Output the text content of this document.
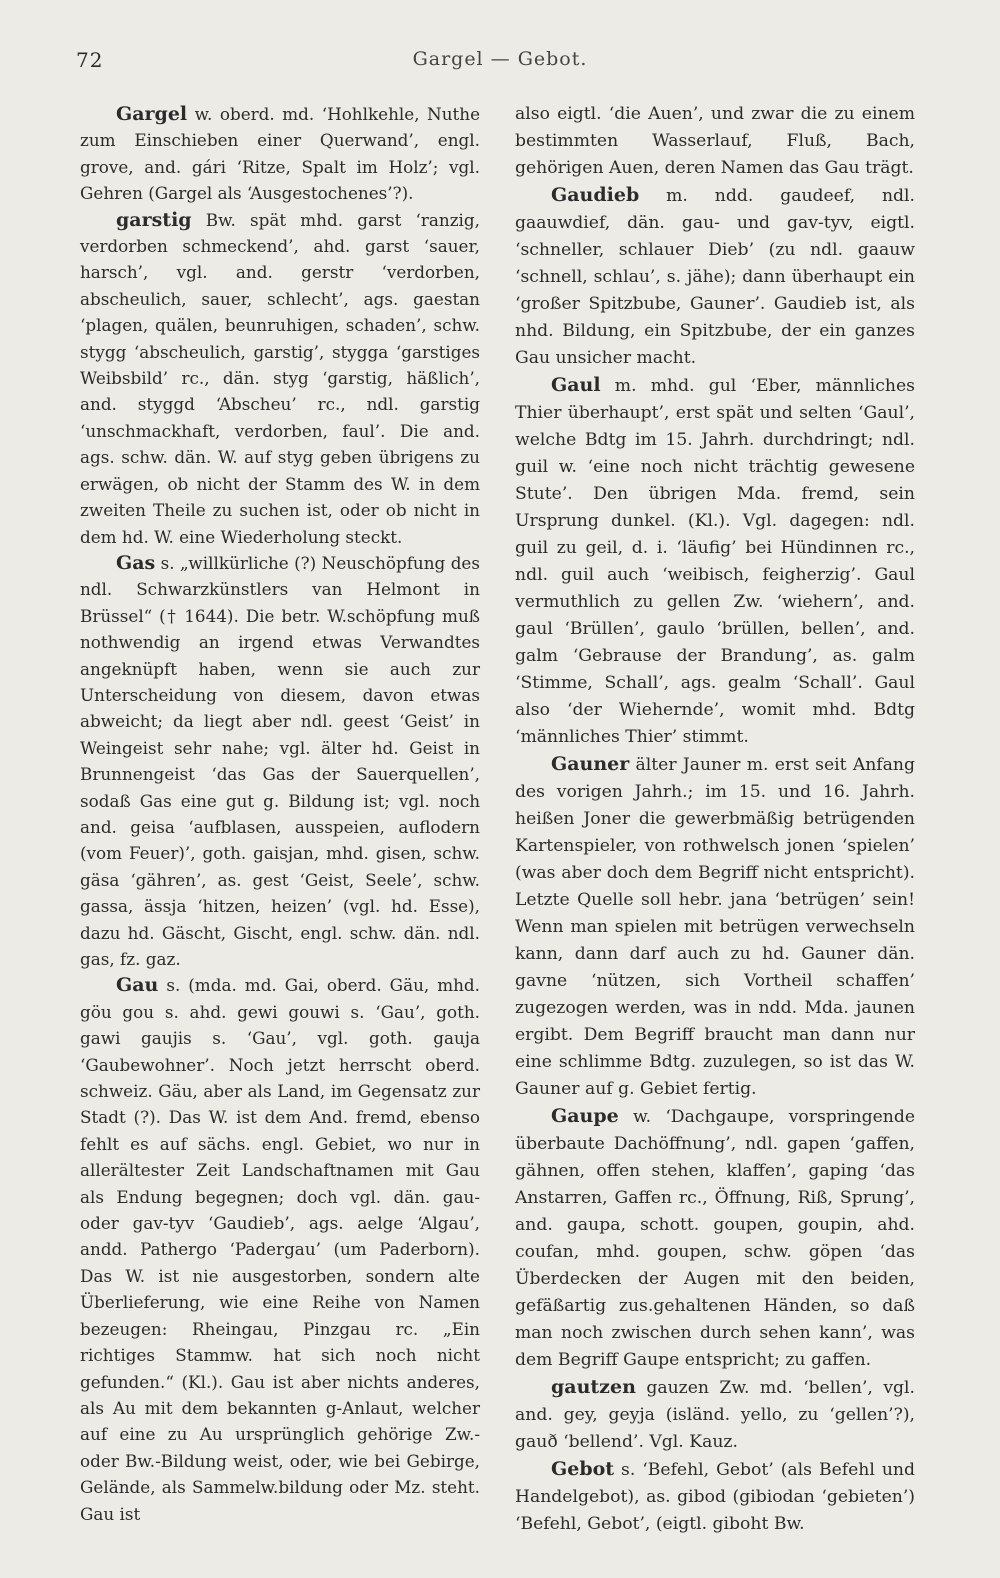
72	Gargel — Gebot.

Gargel w. oberd. md. ‘Hohlkehle, Nuthe zum Einschieben einer Querwand’, engl. grove, and. gári ‘Ritze, Spalt im Holz’; vgl. Gehren (Gargel als ‘Ausgestochenes’?).

garstig Bw. spät mhd. garst ‘ranzig, verdorben schmeckend’, ahd. garst ‘sauer, harsch’, vgl. and. gerstr ‘verdorben, abscheulich, sauer, schlecht’, ags. gaestan ‘plagen, quälen, beunruhigen, schaden’, schw. stygg ‘abscheulich, garstig’, stygga ‘garstiges Weibsbild’ rc., dän. styg ‘garstig, häßlich’, and. styggd ‘Abscheu’ rc., ndl. garstig ‘unschmackhaft, verdorben, faul’. Die and. ags. schw. dän. W. auf styg geben übrigens zu erwägen, ob nicht der Stamm des W. in dem zweiten Theile zu suchen ist, oder ob nicht in dem hd. W. eine Wiederholung steckt.

Gas s. „willkürliche (?) Neuschöpfung des ndl. Schwarzkünstlers van Helmont in Brüssel“ († 1644). Die betr. W.schöpfung muß nothwendig an irgend etwas Verwandtes angeknüpft haben, wenn sie auch zur Unterscheidung von diesem, davon etwas abweicht; da liegt aber ndl. geest ‘Geist’ in Weingeist sehr nahe; vgl. älter hd. Geist in Brunnengeist ‘das Gas der Sauerquellen’, sodaß Gas eine gut g. Bildung ist; vgl. noch and. geisa ‘aufblasen, ausspeien, auflodern (vom Feuer)’, goth. gaisjan, mhd. gisen, schw. gäsa ‘gähren’, as. gest ‘Geist, Seele’, schw. gassa, ässja ‘hitzen, heizen’ (vgl. hd. Esse), dazu hd. Gäscht, Gischt, engl. schw. dän. ndl. gas, fz. gaz.

Gau s. (mda. md. Gai, oberd. Gäu, mhd. göu gou s. ahd. gewi gouwi s. ‘Gau’, goth. gawi gaujis s. ‘Gau’, vgl. goth. gauja ‘Gaubewohner’. Noch jetzt herrscht oberd. schweiz. Gäu, aber als Land, im Gegensatz zur Stadt (?). Das W. ist dem And. fremd, ebenso fehlt es auf sächs. engl. Gebiet, wo nur in allerältester Zeit Landschaftnamen mit Gau als Endung begegnen; doch vgl. dän. gau- oder gav-tyv ‘Gaudieb’, ags. aelge ‘Algau’, andd. Pathergo ‘Padergau’ (um Paderborn). Das W. ist nie ausgestorben, sondern alte Überlieferung, wie eine Reihe von Namen bezeugen: Rheingau, Pinzgau rc. „Ein richtiges Stammw. hat sich noch nicht gefunden.“ (Kl.). Gau ist aber nichts anderes, als Au mit dem bekannten g-Anlaut, welcher auf eine zu Au ursprünglich gehörige Zw.- oder Bw.-Bildung weist, oder, wie bei Gebirge, Gelände, als Sammelw.bildung oder Mz. steht. Gau ist

also eigtl. ‘die Auen’, und zwar die zu einem bestimmten Wasserlauf, Fluß, Bach, gehörigen Auen, deren Namen das Gau trägt.

Gaudieb m. ndd. gaudeef, ndl. gaauwdief, dän. gau- und gav-tyv, eigtl. ‘schneller, schlauer Dieb’ (zu ndl. gaauw ‘schnell, schlau’, s. jähe); dann überhaupt ein ‘großer Spitzbube, Gauner’. Gaudieb ist, als nhd. Bildung, ein Spitzbube, der ein ganzes Gau unsicher macht.

Gaul m. mhd. gul ‘Eber, männliches Thier überhaupt’, erst spät und selten ‘Gaul’, welche Bdtg im 15. Jahrh. durchdringt; ndl. guil w. ‘eine noch nicht trächtig gewesene Stute’. Den übrigen Mda. fremd, sein Ursprung dunkel. (Kl.). Vgl. dagegen: ndl. guil zu geil, d. i. ‘läufig’ bei Hündinnen rc., ndl. guil auch ‘weibisch, feigherzig’. Gaul vermuthlich zu gellen Zw. ‘wiehern’, and. gaul ‘Brüllen’, gaulo ‘brüllen, bellen’, and. galm ‘Gebrause der Brandung’, as. galm ‘Stimme, Schall’, ags. gealm ‘Schall’. Gaul also ‘der Wiehernde’, womit mhd. Bdtg ‘männliches Thier’ stimmt.

Gauner älter Jauner m. erst seit Anfang des vorigen Jahrh.; im 15. und 16. Jahrh. heißen Joner die gewerbmäßig betrügenden Kartenspieler, von rothwelsch jonen ‘spielen’ (was aber doch dem Begriff nicht entspricht). Letzte Quelle soll hebr. jana ‘betrügen’ sein! Wenn man spielen mit betrügen verwechseln kann, dann darf auch zu hd. Gauner dän. gavne ‘nützen, sich Vortheil schaffen’ zugezogen werden, was in ndd. Mda. jaunen ergibt. Dem Begriff braucht man dann nur eine schlimme Bdtg. zuzulegen, so ist das W. Gauner auf g. Gebiet fertig.

Gaupe w. ‘Dachgaupe, vorspringende überbaute Dachöffnung’, ndl. gapen ‘gaffen, gähnen, offen stehen, klaffen’, gaping ‘das Anstarren, Gaffen rc., Öffnung, Riß, Sprung’, and. gaupa, schott. goupen, goupin, ahd. coufan, mhd. goupen, schw. göpen ‘das Überdecken der Augen mit den beiden, gefäßartig zus.gehaltenen Händen, so daß man noch zwischen durch sehen kann’, was dem Begriff Gaupe entspricht; zu gaffen.

gautzen gauzen Zw. md. ‘bellen’, vgl. and. gey, geyja (isländ. yello, zu ‘gellen’?), gauð ‘bellend’. Vgl. Kauz.

Gebot s. ‘Befehl, Gebot’ (als Befehl und Handelgebot), as. gibod (gibiodan ‘gebieten’) ‘Befehl, Gebot’, (eigtl. giboht Bw.
